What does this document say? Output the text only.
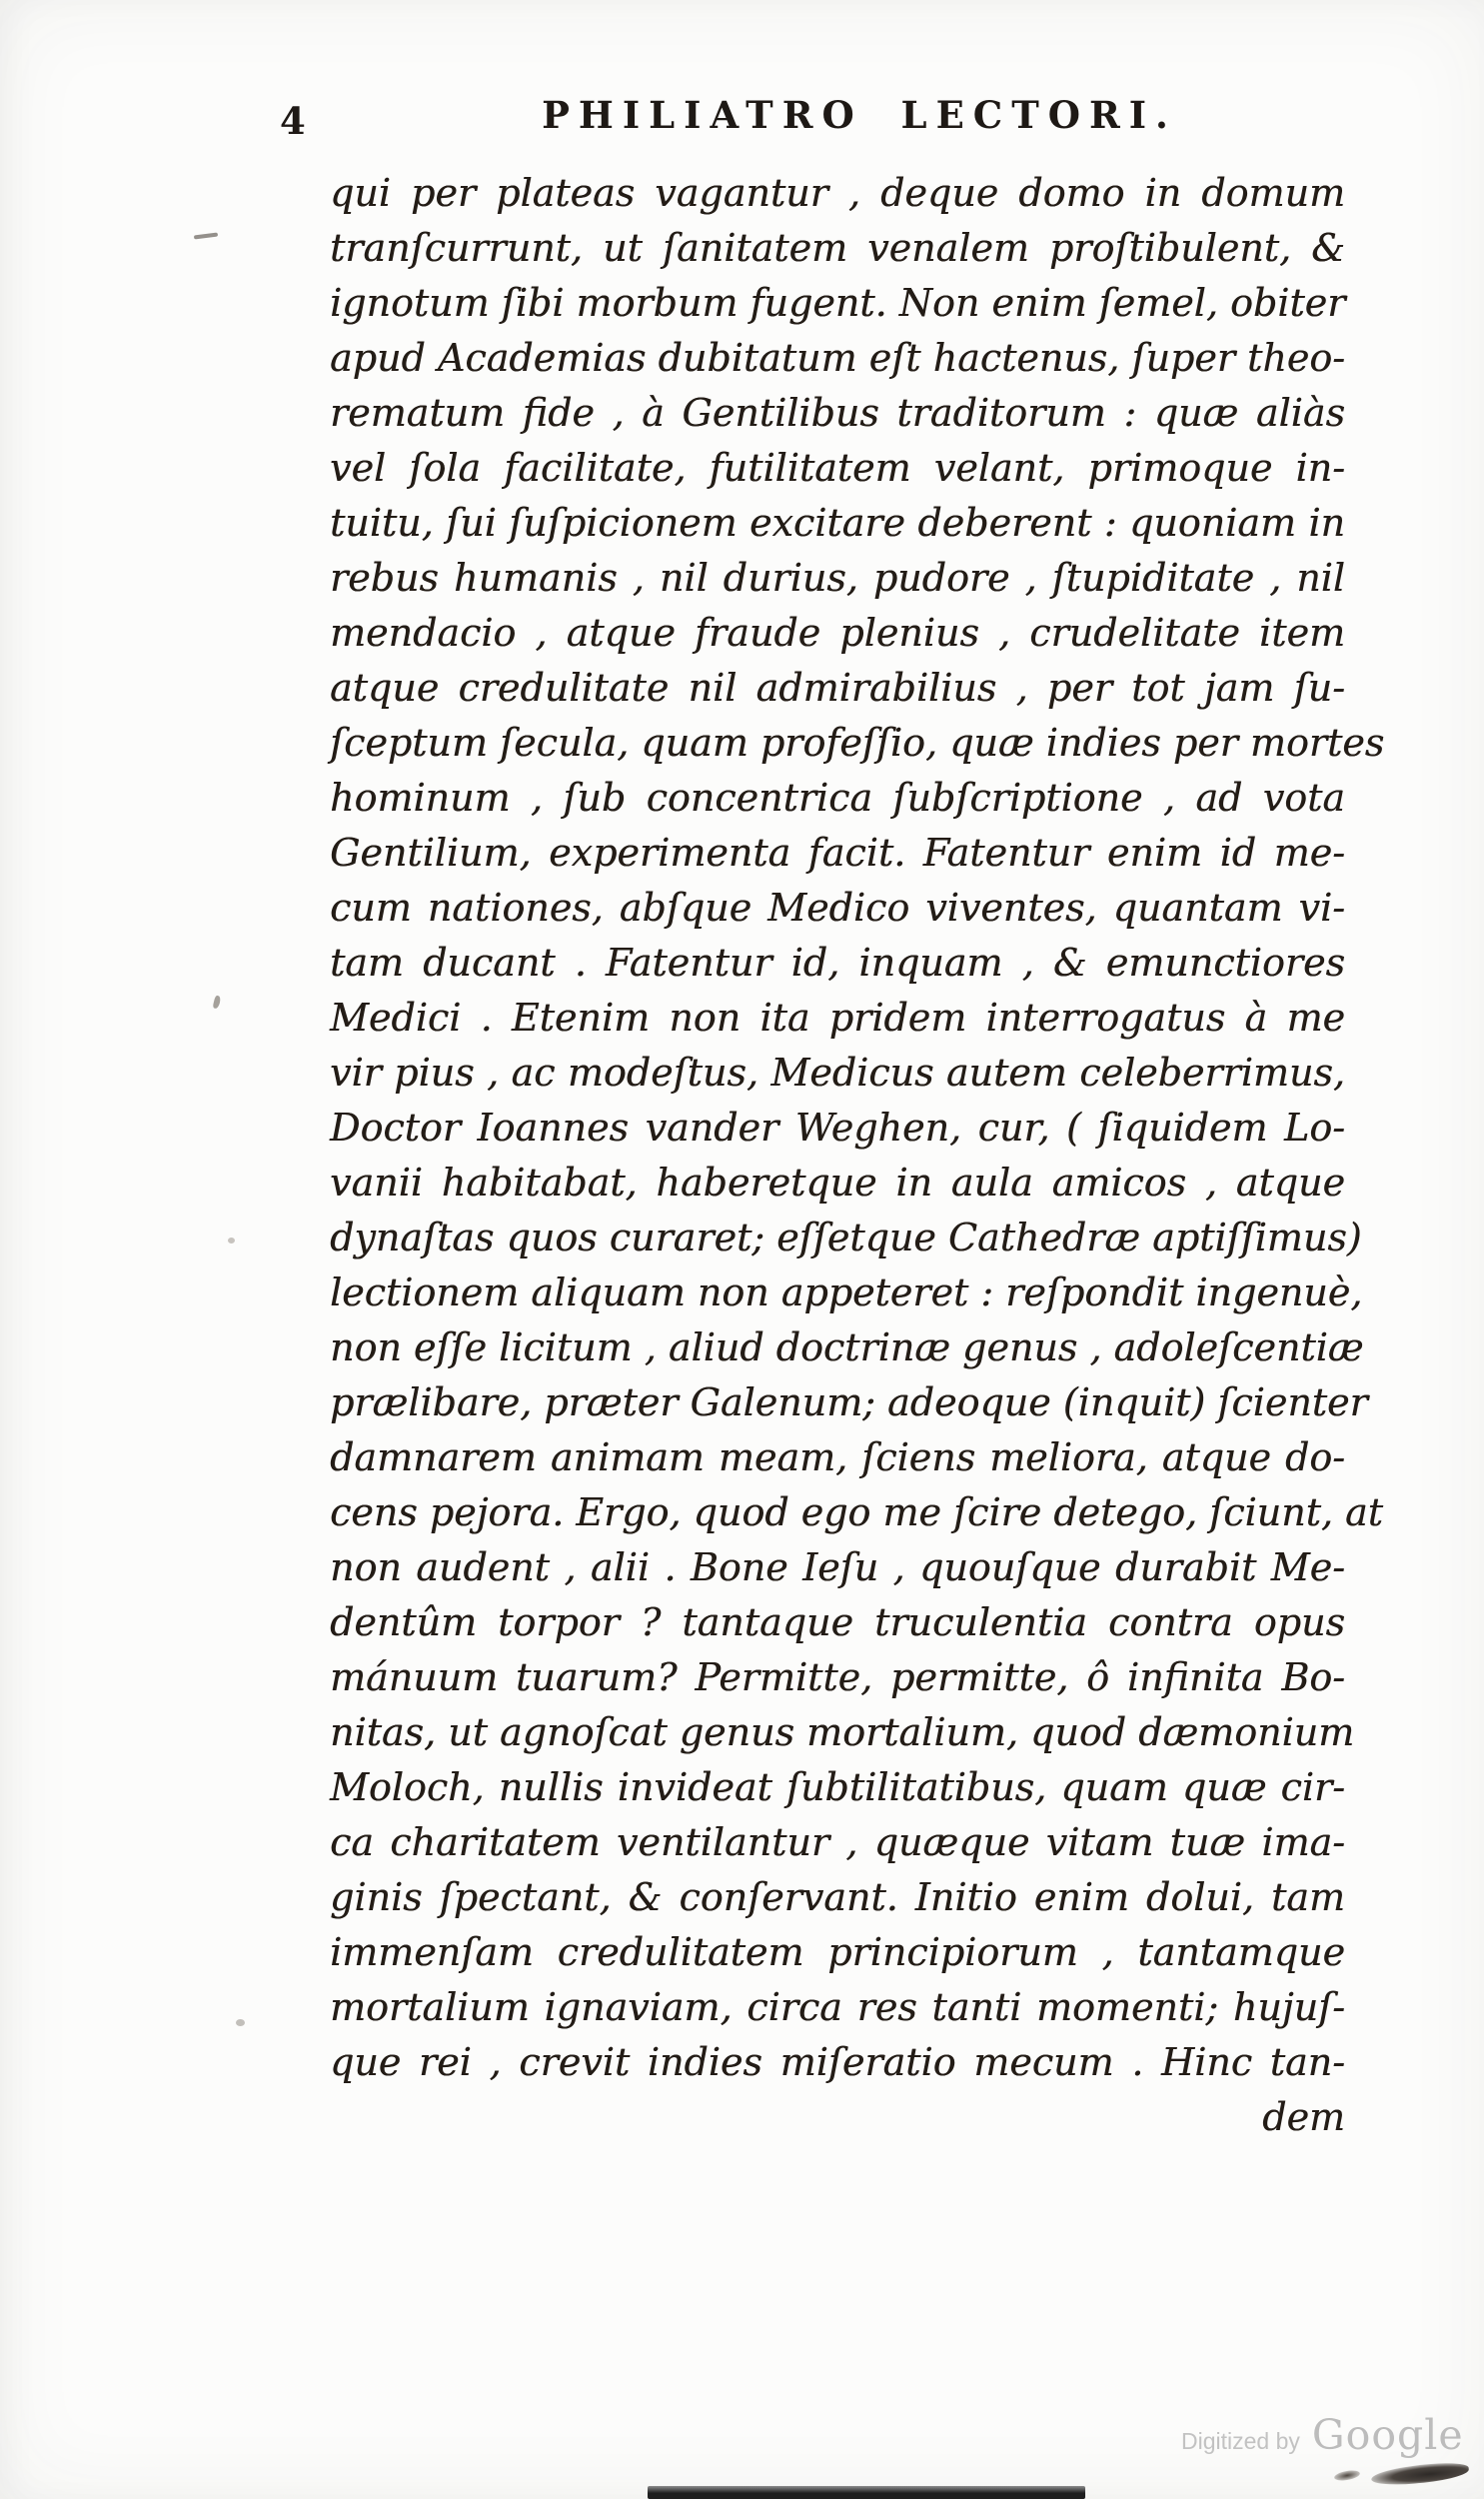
4	PHILIATRO LECTORI.
qui per plateas vagantur , deque domo in domum
tranſcurrunt, ut ſanitatem venalem proſtibulent, &
ignotum ſibi morbum fugent. Non enim ſemel, obiter
apud Academias dubitatum eſt hactenus, ſuper theo-
rematum fide , à Gentilibus traditorum : quæ aliàs
vel ſola facilitate, futilitatem velant, primoque in-
tuitu, ſui ſuſpicionem excitare deberent : quoniam in
rebus humanis , nil durius, pudore , ſtupiditate , nil
mendacio , atque fraude plenius , crudelitate item
atque credulitate nil admirabilius , per tot jam ſu-
ſceptum ſecula, quam profeſſio, quæ indies per mortes
hominum , ſub concentrica ſubſcriptione , ad vota
Gentilium, experimenta facit. Fatentur enim id me-
cum nationes, abſque Medico viventes, quantam vi-
tam ducant . Fatentur id, inquam , & emunctiores
Medici . Etenim non ita pridem interrogatus à me
vir pius , ac modeſtus, Medicus autem celeberrimus,
Doctor Ioannes vander Weghen, cur, ( ſiquidem Lo-
vanii habitabat, haberetque in aula amicos , atque
dynaſtas quos curaret; eſſetque Cathedræ aptiſſimus)
lectionem aliquam non appeteret : reſpondit ingenuè,
non eſſe licitum , aliud doctrinæ genus , adoleſcentiæ
prælibare, præter Galenum; adeoque (inquit) ſcienter
damnarem animam meam, ſciens meliora, atque do-
cens pejora. Ergo, quod ego me ſcire detego, ſciunt, at
non audent , alii . Bone Ieſu , quouſque durabit Me-
dentûm torpor ? tantaque truculentia contra opus
mánuum tuarum? Permitte, permitte, ô infinita Bo-
nitas, ut agnoſcat genus mortalium, quod dæmonium
Moloch, nullis invideat ſubtilitatibus, quam quæ cir-
ca charitatem ventilantur , quæque vitam tuæ ima-
ginis ſpectant, & conſervant. Initio enim dolui, tam
immenſam credulitatem principiorum , tantamque
mortalium ignaviam, circa res tanti momenti; hujuſ-
que rei , crevit indies miſeratio mecum . Hinc tan-
dem
Digitized by Google
